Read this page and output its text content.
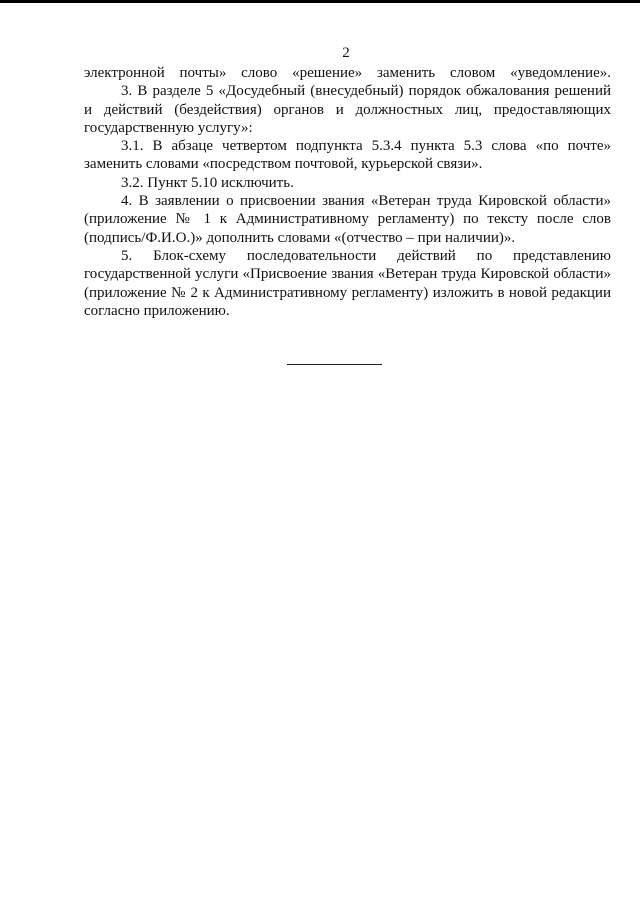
2

электронной почты» слово «решение» заменить словом «уведомление».

3. В разделе 5 «Досудебный (внесудебный) порядок обжалования решений и действий (бездействия) органов и должностных лиц, предоставляющих государственную услугу»:

3.1. В абзаце четвертом подпункта 5.3.4 пункта 5.3 слова «по почте» заменить словами «посредством почтовой, курьерской связи».

3.2. Пункт 5.10 исключить.

4. В заявлении о присвоении звания «Ветеран труда Кировской области» (приложение № 1 к Административному регламенту) по тексту после слов (подпись/Ф.И.О.)» дополнить словами «(отчество – при наличии)».

5. Блок-схему последовательности действий по представлению государственной услуги «Присвоение звания «Ветеран труда Кировской области» (приложение № 2 к Административному регламенту) изложить в новой редакции согласно приложению.
